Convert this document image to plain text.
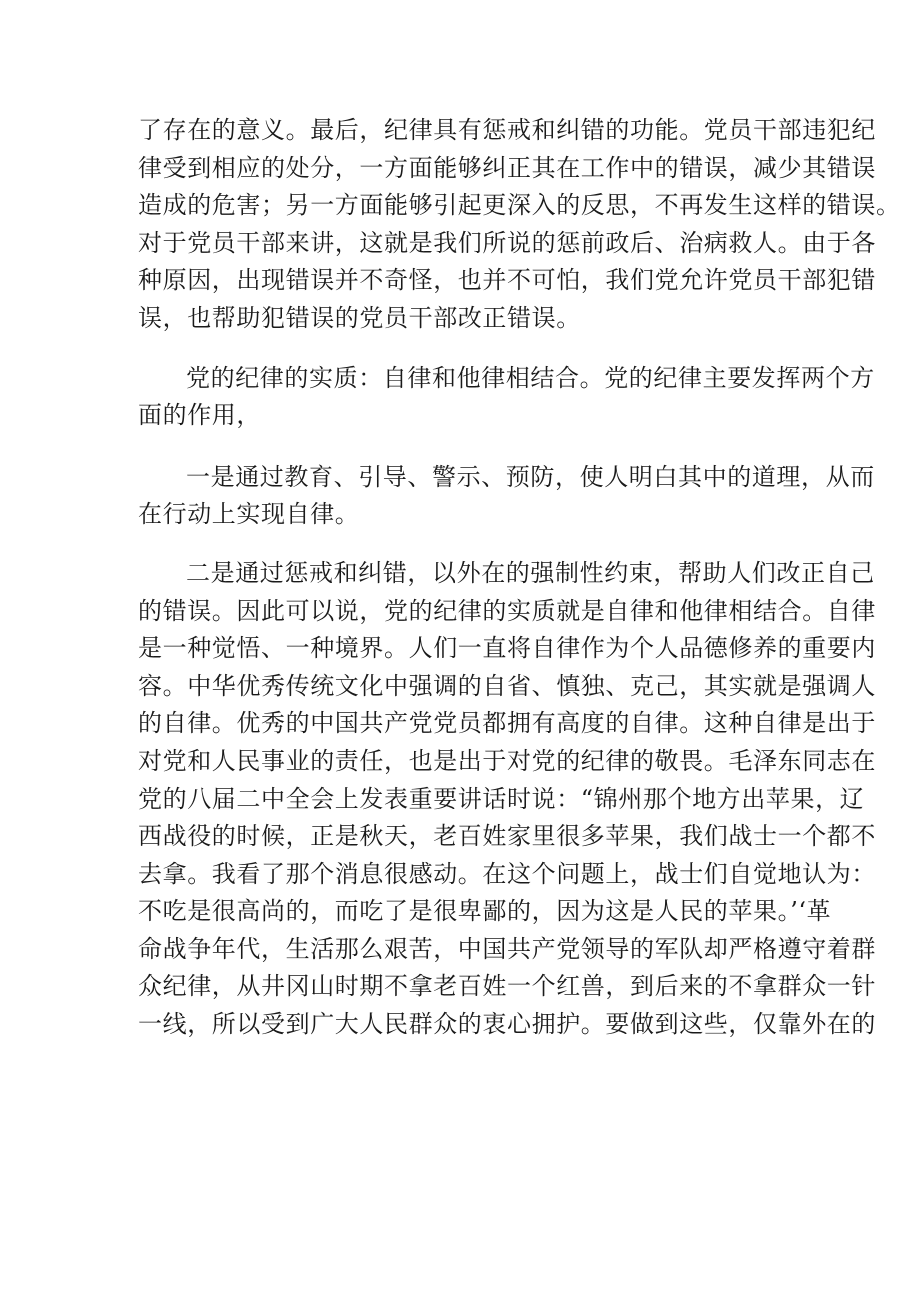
了存在的意义。最后，纪律具有惩戒和纠错的功能。党员干部违犯纪
律受到相应的处分，一方面能够纠正其在工作中的错误，减少其错误
造成的危害；另一方面能够引起更深入的反思，不再发生这样的错误。
对于党员干部来讲，这就是我们所说的惩前政后、治病救人。由于各
种原因，出现错误并不奇怪，也并不可怕，我们党允许党员干部犯错
误，也帮助犯错误的党员干部改正错误。

党的纪律的实质：自律和他律相结合。党的纪律主要发挥两个方
面的作用，

一是通过教育、引导、警示、预防，使人明白其中的道理，从而
在行动上实现自律。

二是通过惩戒和纠错，以外在的强制性约束，帮助人们改正自己
的错误。因此可以说，党的纪律的实质就是自律和他律相结合。自律
是一种觉悟、一种境界。人们一直将自律作为个人品德修养的重要内
容。中华优秀传统文化中强调的自省、慎独、克己，其实就是强调人
的自律。优秀的中国共产党党员都拥有高度的自律。这种自律是出于
对党和人民事业的责任，也是出于对党的纪律的敬畏。毛泽东同志在
党的八届二中全会上发表重要讲话时说：“锦州那个地方出苹果，辽
西战役的时候，正是秋天，老百姓家里很多苹果，我们战士一个都不
去拿。我看了那个消息很感动。在这个问题上，战士们自觉地认为：
不吃是很高尚的，而吃了是很卑鄙的，因为这是人民的苹果。’‘革
命战争年代，生活那么艰苦，中国共产党领导的军队却严格遵守着群
众纪律，从井冈山时期不拿老百姓一个红兽，到后来的不拿群众一针
一线，所以受到广大人民群众的衷心拥护。要做到这些，仅靠外在的
